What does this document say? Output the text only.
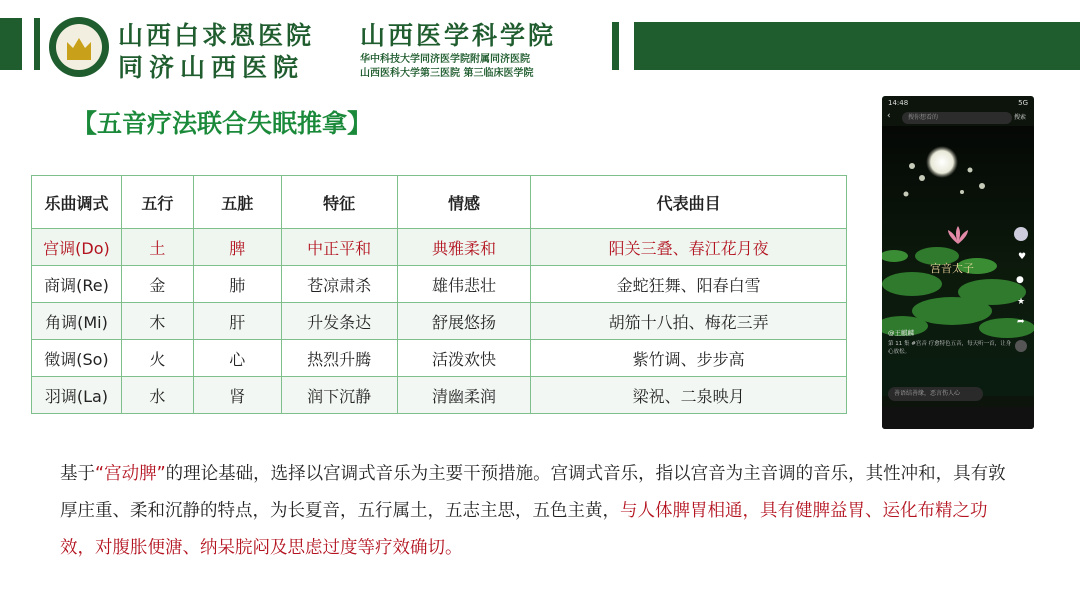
山西白求恩医院
同济山西医院
山西医学科学院
华中科技大学同济医学院附属同济医院
山西医科大学第三医院 第三临床医学院
【五音疗法联合失眠推拿】
乐曲调式	五行	五脏	特征	情感	代表曲目
宫调(Do)	土	脾	中正平和	典雅柔和	阳关三叠、春江花月夜
商调(Re)	金	肺	苍凉肃杀	雄伟悲壮	金蛇狂舞、阳春白雪
角调(Mi)	木	肝	升发条达	舒展悠扬	胡笳十八拍、梅花三弄
徵调(So)	火	心	热烈升腾	活泼欢快	紫竹调、步步高
羽调(La)	水	肾	润下沉静	清幽柔润	梁祝、二泉映月
基于“宫动脾”的理论基础，选择以宫调式音乐为主要干预措施。宫调式音乐，指以宫音为主音调的音乐，其性冲和，具有敦厚庄重、柔和沉静的特点，为长夏音，五行属土，五志主思，五色主黄，与人体脾胃相通，具有健脾益胃、运化布精之功效，对腹胀便溏、纳呆脘闷及思虑过度等疗效确切。
宫音太子
♥
●
★
➦
14:48	5G
‹	搜你想看的	搜索
@王麒麟
第 11 集 #宫音 疗愈特色五音，每天听一首，让身心放松。
善语结善缘，恶言伤人心
